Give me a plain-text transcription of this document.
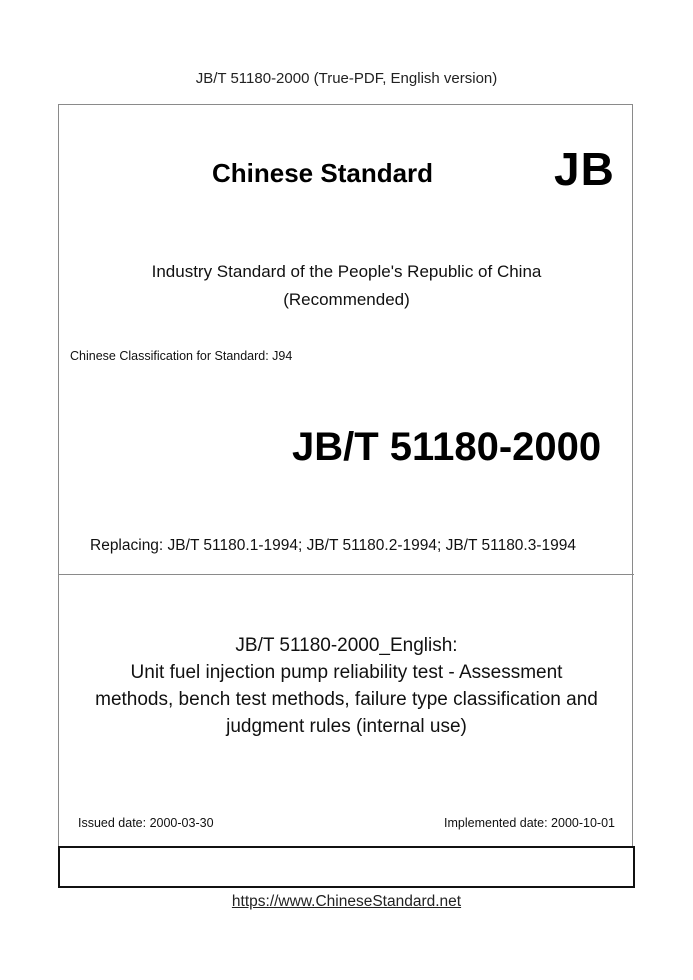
JB/T 51180-2000 (True-PDF, English version)
Chinese Standard	JB
Industry Standard of the People's Republic of China
(Recommended)
Chinese Classification for Standard: J94
JB/T 51180-2000
Replacing: JB/T 51180.1-1994; JB/T 51180.2-1994; JB/T 51180.3-1994
JB/T 51180-2000_English:
Unit fuel injection pump reliability test - Assessment
methods, bench test methods, failure type classification and
judgment rules (internal use)
Issued date: 2000-03-30	Implemented date: 2000-10-01
https://www.ChineseStandard.net
